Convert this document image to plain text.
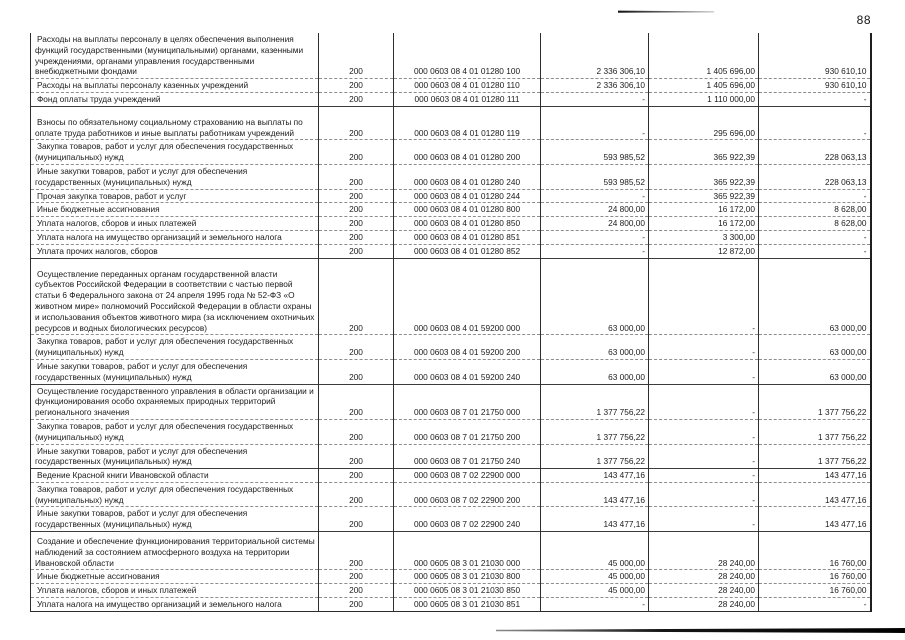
88
Расходы на выплаты персоналу в целях обеспечения выполнения функций государственными (муниципальными) органами, казенными учреждениями, органами управления государственными внебюджетными фондами	200	000 0603 08 4 01 01280 100	2 336 306,10	1 405 696,00	930 610,10
Расходы на выплаты персоналу казенных учреждений	200	000 0603 08 4 01 01280 110	2 336 306,10	1 405 696,00	930 610,10
Фонд оплаты труда учреждений	200	000 0603 08 4 01 01280 111	-	1 110 000,00	-
Взносы по обязательному социальному страхованию на выплаты по оплате труда работников и иные выплаты работникам учреждений	200	000 0603 08 4 01 01280 119	-	295 696,00	-
Закупка товаров, работ и услуг для обеспечения государственных (муниципальных) нужд	200	000 0603 08 4 01 01280 200	593 985,52	365 922,39	228 063,13
Иные закупки товаров, работ и услуг для обеспечения государственных (муниципальных) нужд	200	000 0603 08 4 01 01280 240	593 985,52	365 922,39	228 063,13
Прочая закупка товаров, работ и услуг	200	000 0603 08 4 01 01280 244	-	365 922,39	-
Иные бюджетные ассигнования	200	000 0603 08 4 01 01280 800	24 800,00	16 172,00	8 628,00
Уплата налогов, сборов и иных платежей	200	000 0603 08 4 01 01280 850	24 800,00	16 172,00	8 628,00
Уплата налога на имущество организаций и земельного налога	200	000 0603 08 4 01 01280 851	-	3 300,00	-
Уплата прочих налогов, сборов	200	000 0603 08 4 01 01280 852	-	12 872,00	-
Осуществление переданных органам государственной власти субъектов Российской Федерации в соответствии с частью первой статьи 6 Федерального закона от 24 апреля 1995 года № 52-ФЗ «О животном мире» полномочий Российской Федерации в области охраны и использования объектов животного мира (за исключением охотничьих ресурсов и водных биологических ресурсов)	200	000 0603 08 4 01 59200 000	63 000,00	-	63 000,00
Закупка товаров, работ и услуг для обеспечения государственных (муниципальных) нужд	200	000 0603 08 4 01 59200 200	63 000,00	-	63 000,00
Иные закупки товаров, работ и услуг для обеспечения государственных (муниципальных) нужд	200	000 0603 08 4 01 59200 240	63 000,00	-	63 000,00
Осуществление государственного управления в области организации и функционирования особо охраняемых природных территорий регионального значения	200	000 0603 08 7 01 21750 000	1 377 756,22	-	1 377 756,22
Закупка товаров, работ и услуг для обеспечения государственных (муниципальных) нужд	200	000 0603 08 7 01 21750 200	1 377 756,22	-	1 377 756,22
Иные закупки товаров, работ и услуг для обеспечения государственных (муниципальных) нужд	200	000 0603 08 7 01 21750 240	1 377 756,22	-	1 377 756,22
Ведение Красной книги Ивановской области	200	000 0603 08 7 02 22900 000	143 477,16	-	143 477,16
Закупка товаров, работ и услуг для обеспечения государственных (муниципальных) нужд	200	000 0603 08 7 02 22900 200	143 477,16	-	143 477,16
Иные закупки товаров, работ и услуг для обеспечения государственных (муниципальных) нужд	200	000 0603 08 7 02 22900 240	143 477,16	-	143 477,16
Создание и обеспечение функционирования территориальной системы наблюдений за состоянием атмосферного воздуха на территории Ивановской области	200	000 0605 08 3 01 21030 000	45 000,00	28 240,00	16 760,00
Иные бюджетные ассигнования	200	000 0605 08 3 01 21030 800	45 000,00	28 240,00	16 760,00
Уплата налогов, сборов и иных платежей	200	000 0605 08 3 01 21030 850	45 000,00	28 240,00	16 760,00
Уплата налога на имущество организаций и земельного налога	200	000 0605 08 3 01 21030 851	-	28 240,00	-
